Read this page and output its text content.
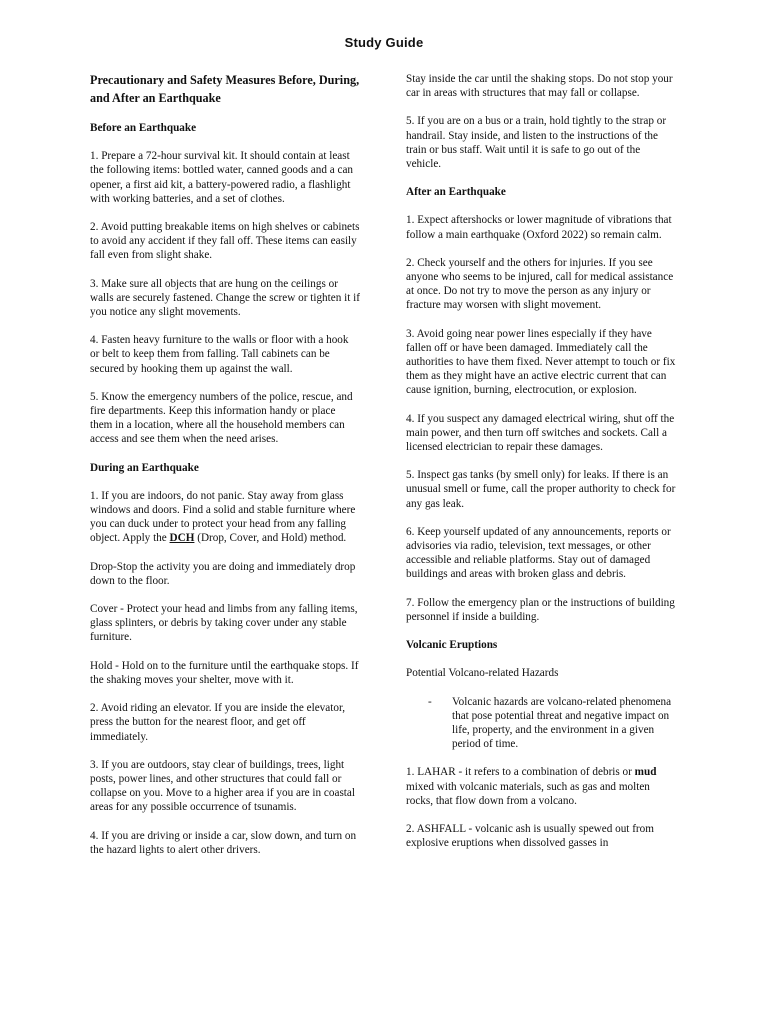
Study Guide

Precautionary and Safety Measures Before, During, and After an Earthquake

Before an Earthquake

1. Prepare a 72-hour survival kit. It should contain at least the following items: bottled water, canned goods and a can opener, a first aid kit, a battery-powered radio, a flashlight with working batteries, and a set of clothes.

2. Avoid putting breakable items on high shelves or cabinets to avoid any accident if they fall off. These items can easily fall even from slight shake.

3. Make sure all objects that are hung on the ceilings or walls are securely fastened. Change the screw or tighten it if you notice any slight movements.

4. Fasten heavy furniture to the walls or floor with a hook or belt to keep them from falling. Tall cabinets can be secured by hooking them up against the wall.

5. Know the emergency numbers of the police, rescue, and fire departments. Keep this information handy or place them in a location, where all the household members can access and see them when the need arises.

During an Earthquake

1. If you are indoors, do not panic. Stay away from glass windows and doors. Find a solid and stable furniture where you can duck under to protect your head from any falling object. Apply the DCH (Drop, Cover, and Hold) method.

Drop-Stop the activity you are doing and immediately drop down to the floor.

Cover - Protect your head and limbs from any falling items, glass splinters, or debris by taking cover under any stable furniture.

Hold - Hold on to the furniture until the earthquake stops. If the shaking moves your shelter, move with it.

2. Avoid riding an elevator. If you are inside the elevator, press the button for the nearest floor, and get off immediately.

3. If you are outdoors, stay clear of buildings, trees, light posts, power lines, and other structures that could fall or collapse on you. Move to a higher area if you are in coastal areas for any possible occurrence of tsunamis.

4. If you are driving or inside a car, slow down, and turn on the hazard lights to alert other drivers.

Stay inside the car until the shaking stops. Do not stop your car in areas with structures that may fall or collapse.

5. If you are on a bus or a train, hold tightly to the strap or handrail. Stay inside, and listen to the instructions of the train or bus staff. Wait until it is safe to go out of the vehicle.

After an Earthquake

1. Expect aftershocks or lower magnitude of vibrations that follow a main earthquake (Oxford 2022) so remain calm.

2. Check yourself and the others for injuries. If you see anyone who seems to be injured, call for medical assistance at once. Do not try to move the person as any injury or fracture may worsen with slight movement.

3. Avoid going near power lines especially if they have fallen off or have been damaged. Immediately call the authorities to have them fixed. Never attempt to touch or fix them as they might have an active electric current that can cause ignition, burning, electrocution, or explosion.

4. If you suspect any damaged electrical wiring, shut off the main power, and then turn off switches and sockets. Call a licensed electrician to repair these damages.

5. Inspect gas tanks (by smell only) for leaks. If there is an unusual smell or fume, call the proper authority to check for any gas leak.

6. Keep yourself updated of any announcements, reports or advisories via radio, television, text messages, or other accessible and reliable platforms. Stay out of damaged buildings and areas with broken glass and debris.

7. Follow the emergency plan or the instructions of building personnel if inside a building.

Volcanic Eruptions

Potential Volcano-related Hazards

-	Volcanic hazards are volcano-related phenomena that pose potential threat and negative impact on life, property, and the environment in a given period of time.

1. LAHAR - it refers to a combination of debris or mud mixed with volcanic materials, such as gas and molten rocks, that flow down from a volcano.

2. ASHFALL - volcanic ash is usually spewed out from explosive eruptions when dissolved gasses in
